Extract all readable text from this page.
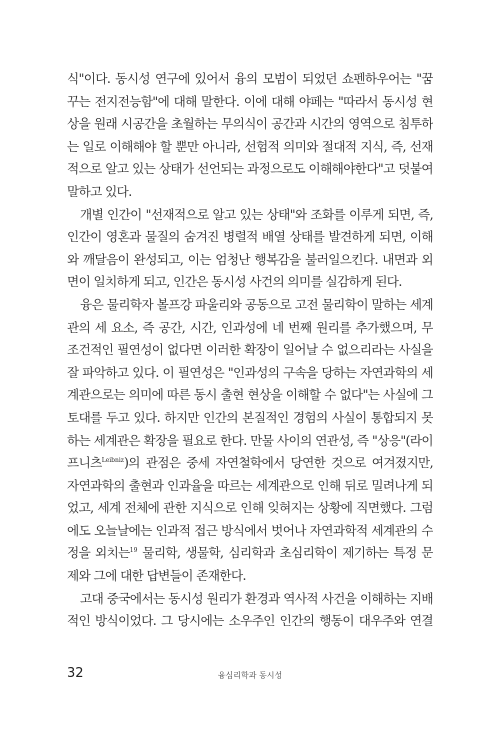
식"이다. 동시성 연구에 있어서 융의 모범이 되었던 쇼펜하우어는 "꿈
꾸는 전지전능함"에 대해 말한다. 이에 대해 야페는 "따라서 동시성 현
상을 원래 시공간을 초월하는 무의식이 공간과 시간의 영역으로 침투하
는 일로 이해해야 할 뿐만 아니라, 선험적 의미와 절대적 지식, 즉, 선재
적으로 알고 있는 상태가 선언되는 과정으로도 이해해야한다"고 덧붙여
말하고 있다.
개별 인간이 "선재적으로 알고 있는 상태"와 조화를 이루게 되면, 즉,
인간이 영혼과 물질의 숨겨진 병렬적 배열 상태를 발견하게 되면, 이해
와 깨달음이 완성되고, 이는 엄청난 행복감을 불러일으킨다. 내면과 외
면이 일치하게 되고, 인간은 동시성 사건의 의미를 실감하게 된다.
융은 물리학자 볼프강 파울리와 공동으로 고전 물리학이 말하는 세계
관의 세 요소, 즉 공간, 시간, 인과성에 네 번째 원리를 추가했으며, 무
조건적인 필연성이 없다면 이러한 확장이 일어날 수 없으리라는 사실을
잘 파악하고 있다. 이 필연성은 "인과성의 구속을 당하는 자연과학의 세
계관으로는 의미에 따른 동시 출현 현상을 이해할 수 없다"는 사실에 그
토대를 두고 있다. 하지만 인간의 본질적인 경험의 사실이 통합되지 못
하는 세계관은 확장을 필요로 한다. 만물 사이의 연관성, 즉 "상응"(라이
프니츠$^{Leibniz}$)의 관점은 중세 자연철학에서 당연한 것으로 여겨졌지만,
자연과학의 출현과 인과율을 따르는 세계관으로 인해 뒤로 밀려나게 되
었고, 세계 전체에 관한 지식으로 인해 잊혀지는 상황에 직면했다. 그럼
에도 오늘날에는 인과적 접근 방식에서 벗어나 자연과학적 세계관의 수
정을 외치는$^{19}$ 물리학, 생물학, 심리학과 초심리학이 제기하는 특정 문
제와 그에 대한 답변들이 존재한다.
고대 중국에서는 동시성 원리가 환경과 역사적 사건을 이해하는 지배
적인 방식이었다. 그 당시에는 소우주인 인간의 행동이 대우주와 연결
32	융심리학과 동시성
